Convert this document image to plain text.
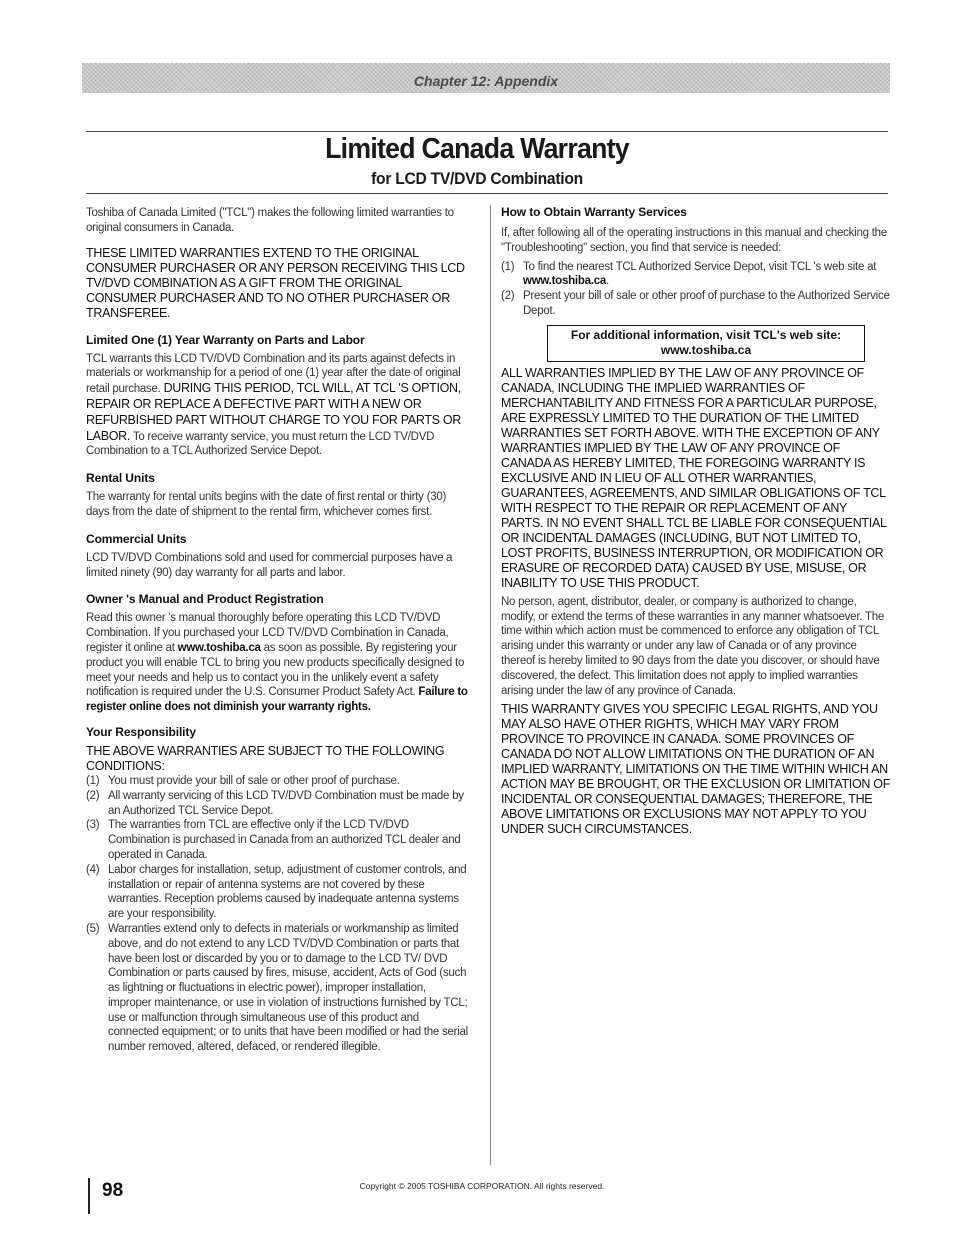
Chapter 12: Appendix
Limited Canada Warranty
for LCD TV/DVD Combination

Toshiba of Canada Limited ("TCL") makes the following limited warranties to original consumers in Canada.

THESE LIMITED WARRANTIES EXTEND TO THE ORIGINAL CONSUMER PURCHASER OR ANY PERSON RECEIVING THIS LCD TV/DVD COMBINATION AS A GIFT FROM THE ORIGINAL CONSUMER PURCHASER AND TO NO OTHER PURCHASER OR TRANSFEREE.

Limited One (1) Year Warranty on Parts and Labor

TCL warrants this LCD TV/DVD Combination and its parts against defects in materials or workmanship for a period of one (1) year after the date of original retail purchase. DURING THIS PERIOD, TCL WILL, AT TCL 'S OPTION, REPAIR OR REPLACE A DEFECTIVE PART WITH A NEW OR REFURBISHED PART WITHOUT CHARGE TO YOU FOR PARTS OR LABOR. To receive warranty service, you must return the LCD TV/DVD Combination to a TCL Authorized Service Depot.

Rental Units

The warranty for rental units begins with the date of first rental or thirty (30) days from the date of shipment to the rental firm, whichever comes first.

Commercial Units

LCD TV/DVD Combinations sold and used for commercial purposes have a limited ninety (90) day warranty for all parts and labor.

Owner 's Manual and Product Registration

Read this owner 's manual thoroughly before operating this LCD TV/DVD Combination. If you purchased your LCD TV/DVD Combination in Canada, register it online at www.toshiba.ca as soon as possible. By registering your product you will enable TCL to bring you new products specifically designed to meet your needs and help us to contact you in the unlikely event a safety notification is required under the U.S. Consumer Product Safety Act. Failure to register online does not diminish your warranty rights.

Your Responsibility

THE ABOVE WARRANTIES ARE SUBJECT TO THE FOLLOWING CONDITIONS:

(1) You must provide your bill of sale or other proof of purchase.
(2) All warranty servicing of this LCD TV/DVD Combination must be made by an Authorized TCL Service Depot.
(3) The warranties from TCL are effective only if the LCD TV/DVD Combination is purchased in Canada from an authorized TCL dealer and operated in Canada.
(4) Labor charges for installation, setup, adjustment of customer controls, and installation or repair of antenna systems are not covered by these warranties. Reception problems caused by inadequate antenna systems are your responsibility.
(5) Warranties extend only to defects in materials or workmanship as limited above, and do not extend to any LCD TV/DVD Combination or parts that have been lost or discarded by you or to damage to the LCD TV/ DVD Combination or parts caused by fires, misuse, accident, Acts of God (such as lightning or fluctuations in electric power), improper installation, improper maintenance, or use in violation of instructions furnished by TCL; use or malfunction through simultaneous use of this product and connected equipment; or to units that have been modified or had the serial number removed, altered, defaced, or rendered illegible.

How to Obtain Warranty Services

If, after following all of the operating instructions in this manual and checking the "Troubleshooting" section, you find that service is needed:

(1) To find the nearest TCL Authorized Service Depot, visit TCL 's web site at www.toshiba.ca.
(2) Present your bill of sale or other proof of purchase to the Authorized Service Depot.
For additional information, visit TCL's web site:
www.toshiba.ca

ALL WARRANTIES IMPLIED BY THE LAW OF ANY PROVINCE OF CANADA, INCLUDING THE IMPLIED WARRANTIES OF MERCHANTABILITY AND FITNESS FOR A PARTICULAR PURPOSE, ARE EXPRESSLY LIMITED TO THE DURATION OF THE LIMITED WARRANTIES SET FORTH ABOVE. WITH THE EXCEPTION OF ANY WARRANTIES IMPLIED BY THE LAW OF ANY PROVINCE OF CANADA AS HEREBY LIMITED, THE FOREGOING WARRANTY IS EXCLUSIVE AND IN LIEU OF ALL OTHER WARRANTIES, GUARANTEES, AGREEMENTS, AND SIMILAR OBLIGATIONS OF TCL WITH RESPECT TO THE REPAIR OR REPLACEMENT OF ANY PARTS. IN NO EVENT SHALL TCL BE LIABLE FOR CONSEQUENTIAL OR INCIDENTAL DAMAGES (INCLUDING, BUT NOT LIMITED TO, LOST PROFITS, BUSINESS INTERRUPTION, OR MODIFICATION OR ERASURE OF RECORDED DATA) CAUSED BY USE, MISUSE, OR INABILITY TO USE THIS PRODUCT.

No person, agent, distributor, dealer, or company is authorized to change, modify, or extend the terms of these warranties in any manner whatsoever. The time within which action must be commenced to enforce any obligation of TCL arising under this warranty or under any law of Canada or of any province thereof is hereby limited to 90 days from the date you discover, or should have discovered, the defect. This limitation does not apply to implied warranties arising under the law of any province of Canada.

THIS WARRANTY GIVES YOU SPECIFIC LEGAL RIGHTS, AND YOU MAY ALSO HAVE OTHER RIGHTS, WHICH MAY VARY FROM PROVINCE TO PROVINCE IN CANADA. SOME PROVINCES OF CANADA DO NOT ALLOW LIMITATIONS ON THE DURATION OF AN IMPLIED WARRANTY, LIMITATIONS ON THE TIME WITHIN WHICH AN ACTION MAY BE BROUGHT, OR THE EXCLUSION OR LIMITATION OF INCIDENTAL OR CONSEQUENTIAL DAMAGES; THEREFORE, THE ABOVE LIMITATIONS OR EXCLUSIONS MAY NOT APPLY TO YOU UNDER SUCH CIRCUMSTANCES.

98	Copyright © 2005 TOSHIBA CORPORATION. All rights reserved.
